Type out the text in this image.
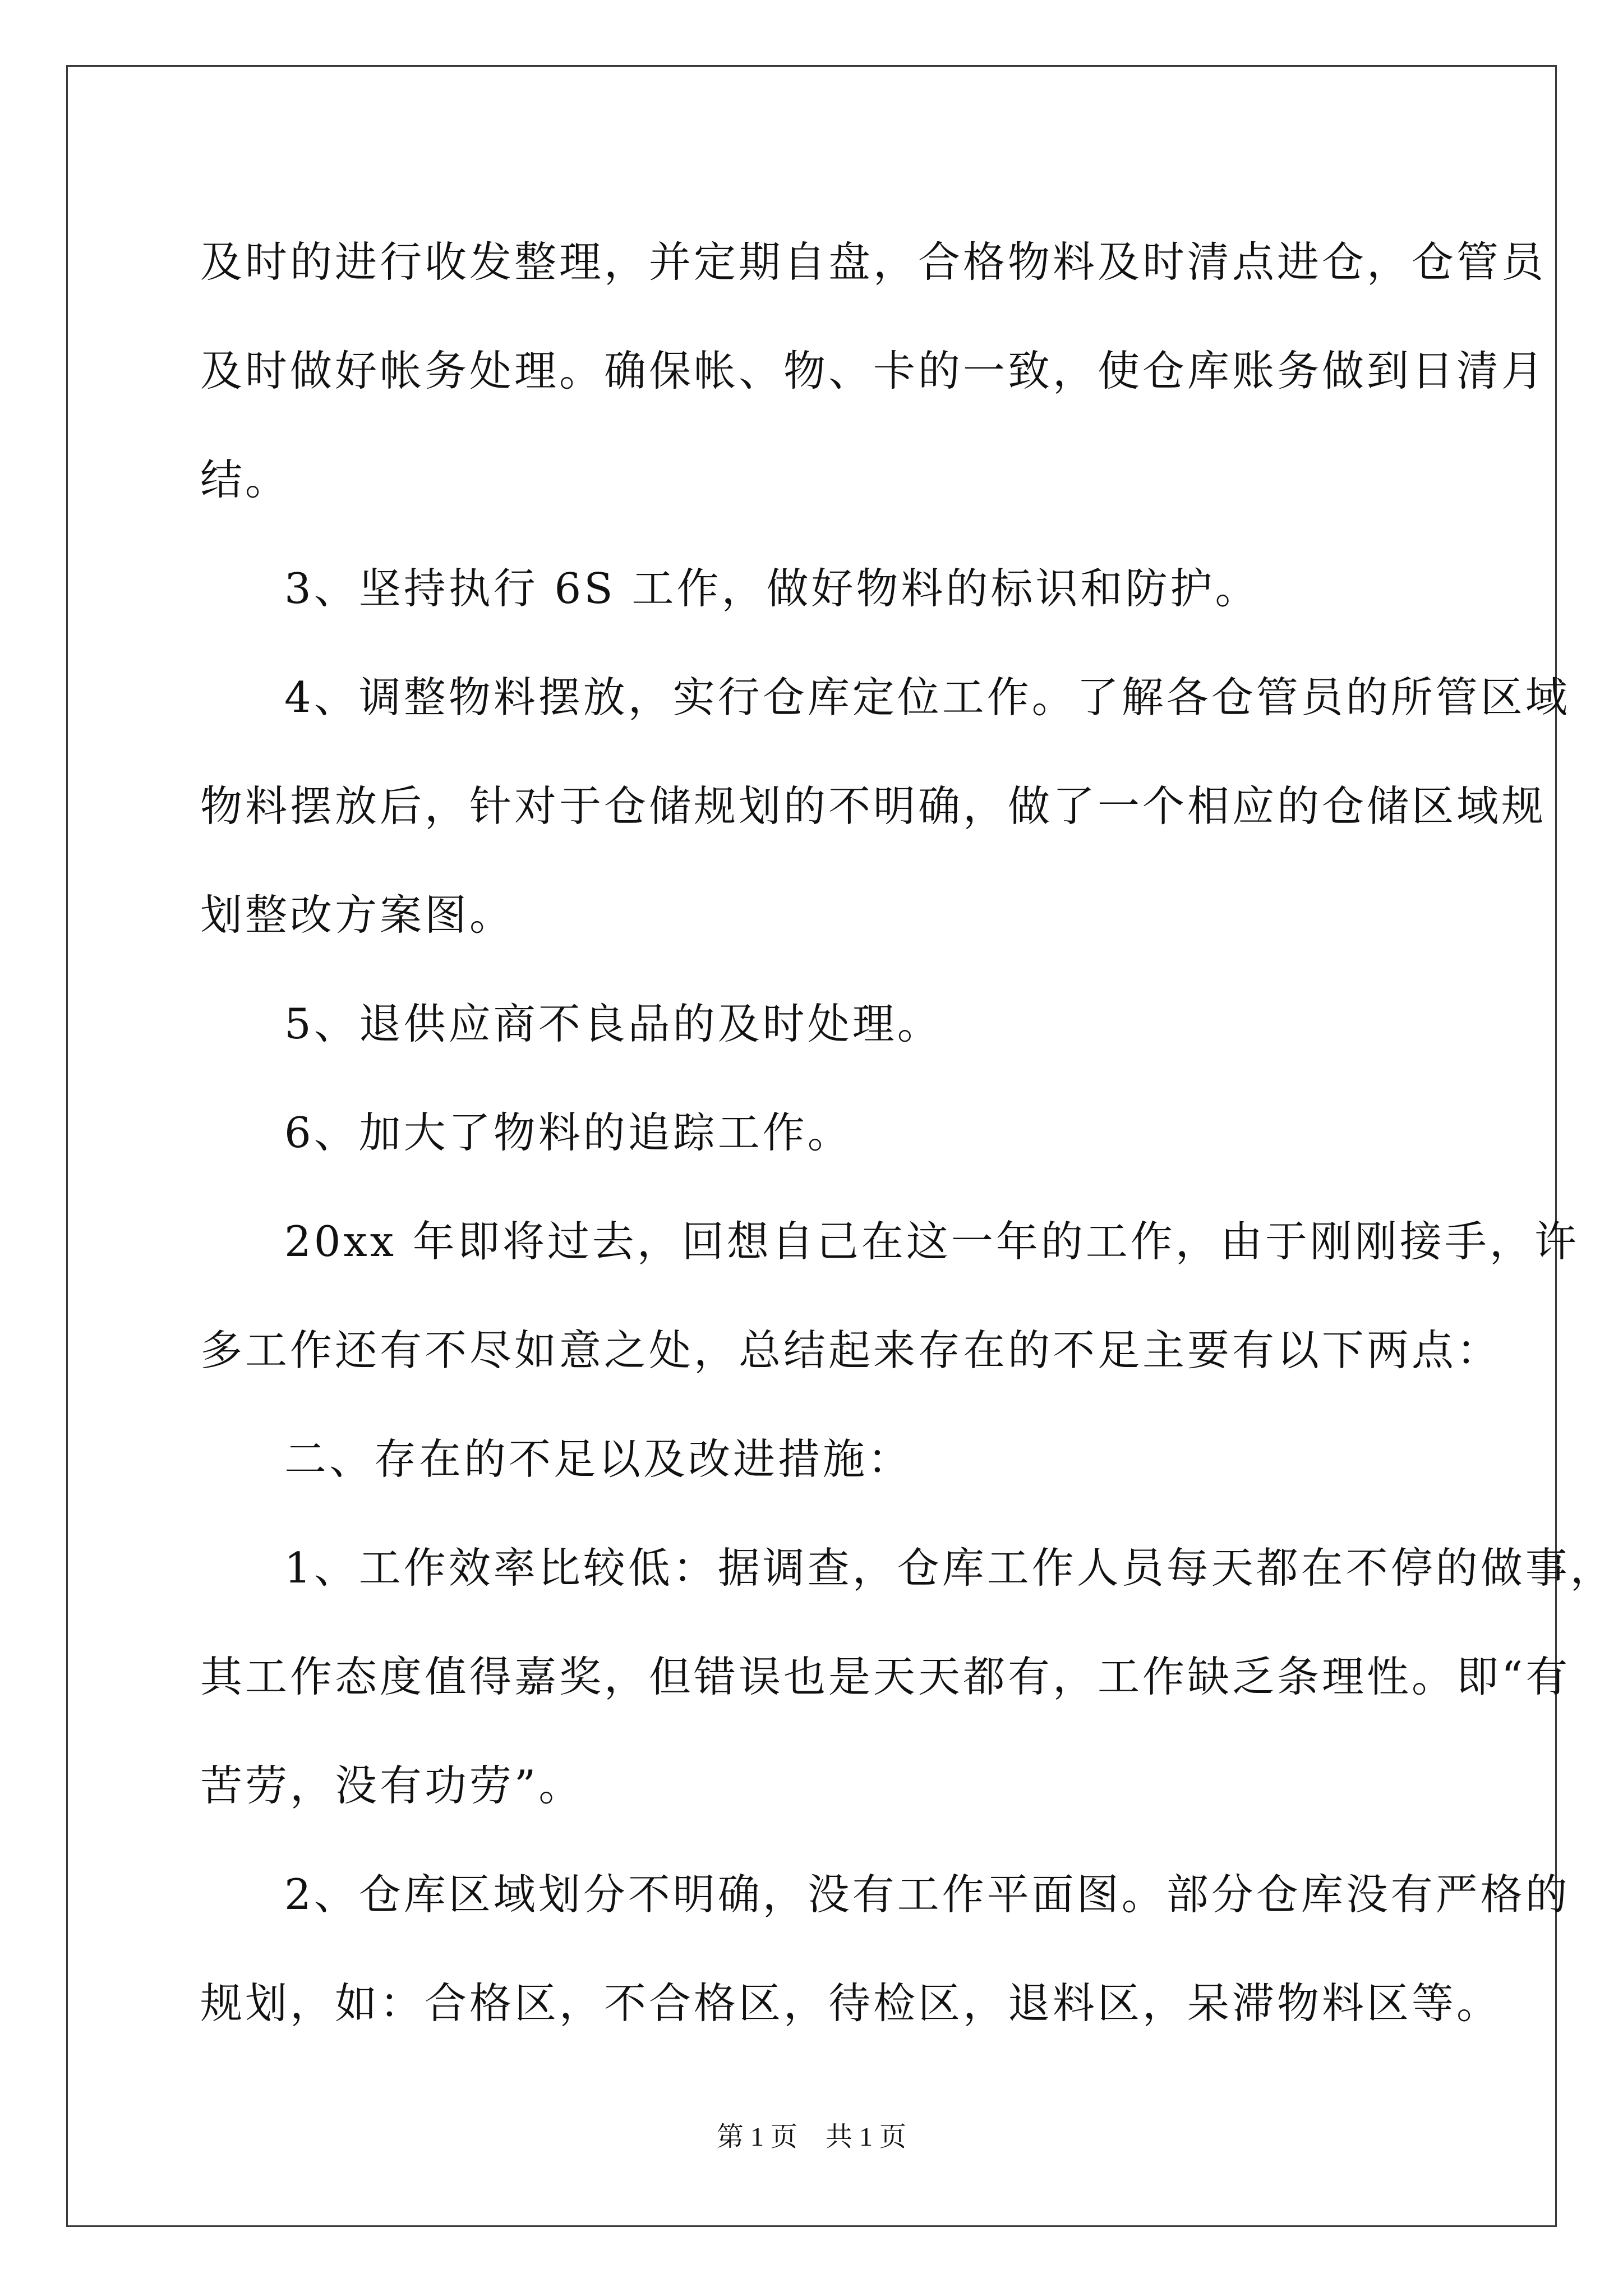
及时的进行收发整理，并定期自盘，合格物料及时清点进仓，仓管员

及时做好帐务处理。确保帐、物、卡的一致，使仓库账务做到日清月

结。

3、坚持执行 6S 工作，做好物料的标识和防护。

4、调整物料摆放，实行仓库定位工作。了解各仓管员的所管区域

物料摆放后，针对于仓储规划的不明确，做了一个相应的仓储区域规

划整改方案图。

5、退供应商不良品的及时处理。

6、加大了物料的追踪工作。

20xx 年即将过去，回想自己在这一年的工作，由于刚刚接手，许

多工作还有不尽如意之处，总结起来存在的不足主要有以下两点：

二、存在的不足以及改进措施：

1、工作效率比较低：据调查，仓库工作人员每天都在不停的做事，

其工作态度值得嘉奖，但错误也是天天都有，工作缺乏条理性。即“有

苦劳，没有功劳”。

2、仓库区域划分不明确，没有工作平面图。部分仓库没有严格的

规划，如：合格区，不合格区，待检区，退料区，呆滞物料区等。

第 1 页 共 1 页
